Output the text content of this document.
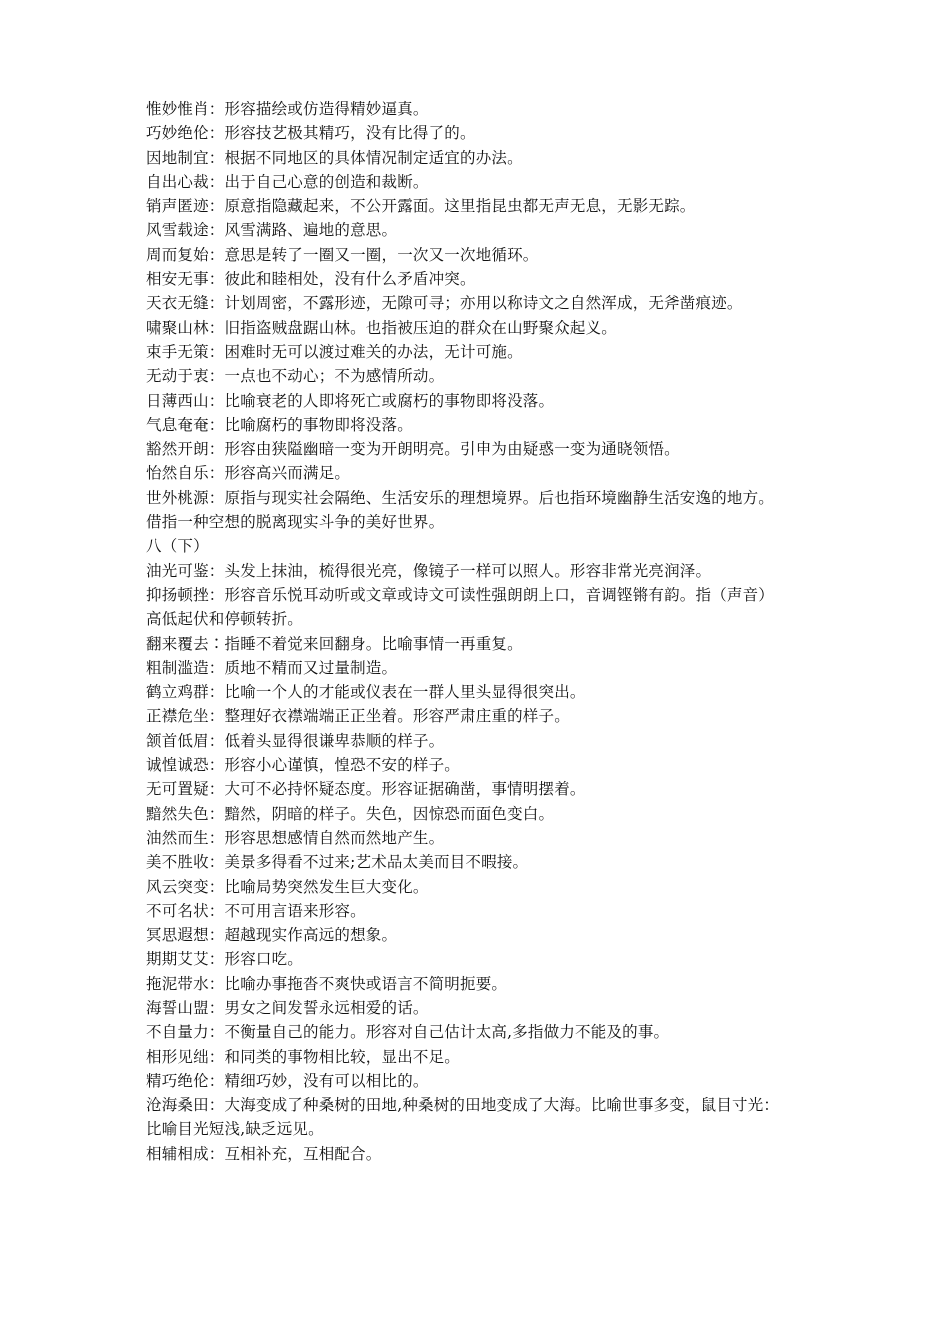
惟妙惟肖：形容描绘或仿造得精妙逼真。
巧妙绝伦：形容技艺极其精巧，没有比得了的。
因地制宜：根据不同地区的具体情况制定适宜的办法。
自出心裁：出于自己心意的创造和裁断。
销声匿迹：原意指隐藏起来，不公开露面。这里指昆虫都无声无息，无影无踪。
风雪载途：风雪满路、遍地的意思。
周而复始：意思是转了一圈又一圈，一次又一次地循环。
相安无事：彼此和睦相处，没有什么矛盾冲突。
天衣无缝：计划周密，不露形迹，无隙可寻；亦用以称诗文之自然浑成，无斧凿痕迹。
啸聚山林：旧指盗贼盘踞山林。也指被压迫的群众在山野聚众起义。
束手无策：困难时无可以渡过难关的办法，无计可施。
无动于衷：一点也不动心；不为感情所动。
日薄西山：比喻衰老的人即将死亡或腐朽的事物即将没落。
气息奄奄：比喻腐朽的事物即将没落。
豁然开朗：形容由狭隘幽暗一变为开朗明亮。引申为由疑惑一变为通晓领悟。
怡然自乐：形容高兴而满足。
世外桃源：原指与现实社会隔绝、生活安乐的理想境界。后也指环境幽静生活安逸的地方。
借指一种空想的脱离现实斗争的美好世界。
八（下）
油光可鉴：头发上抹油，梳得很光亮，像镜子一样可以照人。形容非常光亮润泽。
抑扬顿挫：形容音乐悦耳动听或文章或诗文可读性强朗朗上口，音调铿锵有韵。指（声音）
高低起伏和停顿转折。
翻来覆去∶指睡不着觉来回翻身。比喻事情一再重复。
粗制滥造：质地不精而又过量制造。
鹤立鸡群：比喻一个人的才能或仪表在一群人里头显得很突出。
正襟危坐：整理好衣襟端端正正坐着。形容严肃庄重的样子。
颔首低眉：低着头显得很谦卑恭顺的样子。
诚惶诚恐：形容小心谨慎，惶恐不安的样子。
无可置疑：大可不必持怀疑态度。形容证据确凿，事情明摆着。
黯然失色：黯然，阴暗的样子。失色，因惊恐而面色变白。
油然而生：形容思想感情自然而然地产生。
美不胜收：美景多得看不过来;艺术品太美而目不暇接。
风云突变：比喻局势突然发生巨大变化。
不可名状：不可用言语来形容。
冥思遐想：超越现实作高远的想象。
期期艾艾：形容口吃。
拖泥带水：比喻办事拖沓不爽快或语言不简明扼要。
海誓山盟：男女之间发誓永远相爱的话。
不自量力：不衡量自己的能力。形容对自己估计太高,多指做力不能及的事。
相形见绌：和同类的事物相比较，显出不足。
精巧绝伦：精细巧妙，没有可以相比的。
沧海桑田：大海变成了种桑树的田地,种桑树的田地变成了大海。比喻世事多变，鼠目寸光：
比喻目光短浅,缺乏远见。
相辅相成：互相补充，互相配合。
